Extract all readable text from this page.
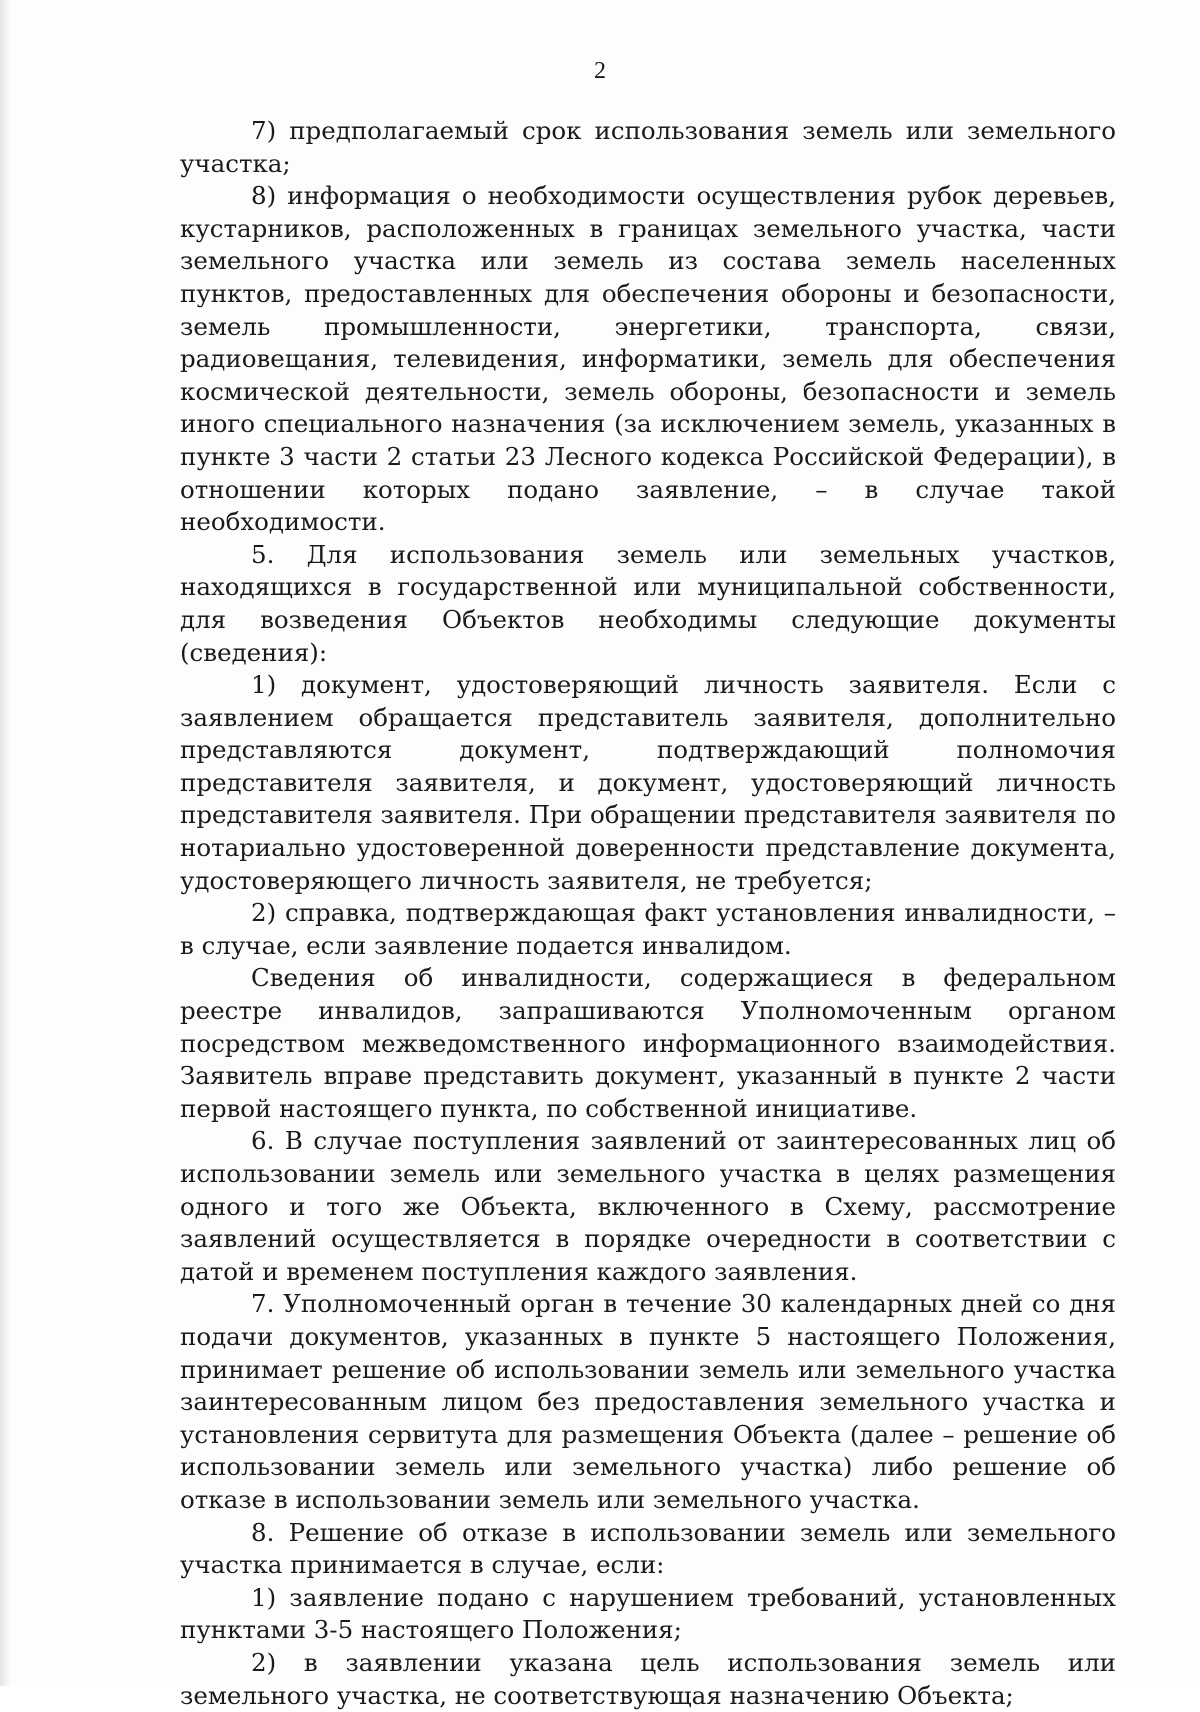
2

7) предполагаемый срок использования земель или земельного участка;

8) информация о необходимости осуществления рубок деревьев, кустарников, расположенных в границах земельного участка, части земельного участка или земель из состава земель населенных пунктов, предоставленных для обеспечения обороны и безопасности, земель промышленности, энергетики, транспорта, связи, радиовещания, телевидения, информатики, земель для обеспечения космической деятельности, земель обороны, безопасности и земель иного специального назначения (за исключением земель, указанных в пункте 3 части 2 статьи 23 Лесного кодекса Российской Федерации), в отношении которых подано заявление, – в случае такой необходимости.

5. Для использования земель или земельных участков, находящихся в государственной или муниципальной собственности, для возведения Объектов необходимы следующие документы (сведения):

1) документ, удостоверяющий личность заявителя. Если с заявлением обращается представитель заявителя, дополнительно представляются документ, подтверждающий полномочия представителя заявителя, и документ, удостоверяющий личность представителя заявителя. При обращении представителя заявителя по нотариально удостоверенной доверенности представление документа, удостоверяющего личность заявителя, не требуется;

2) справка, подтверждающая факт установления инвалидности, – в случае, если заявление подается инвалидом.

Сведения об инвалидности, содержащиеся в федеральном реестре инвалидов, запрашиваются Уполномоченным органом посредством межведомственного информационного взаимодействия. Заявитель вправе представить документ, указанный в пункте 2 части первой настоящего пункта, по собственной инициативе.

6. В случае поступления заявлений от заинтересованных лиц об использовании земель или земельного участка в целях размещения одного и того же Объекта, включенного в Схему, рассмотрение заявлений осуществляется в порядке очередности в соответствии с датой и временем поступления каждого заявления.

7. Уполномоченный орган в течение 30 календарных дней со дня подачи документов, указанных в пункте 5 настоящего Положения, принимает решение об использовании земель или земельного участка заинтересованным лицом без предоставления земельного участка и установления сервитута для размещения Объекта (далее – решение об использовании земель или земельного участка) либо решение об отказе в использовании земель или земельного участка.

8. Решение об отказе в использовании земель или земельного участка принимается в случае, если:

1) заявление подано с нарушением требований, установленных пунктами 3-5 настоящего Положения;

2) в заявлении указана цель использования земель или земельного участка, не соответствующая назначению Объекта;
